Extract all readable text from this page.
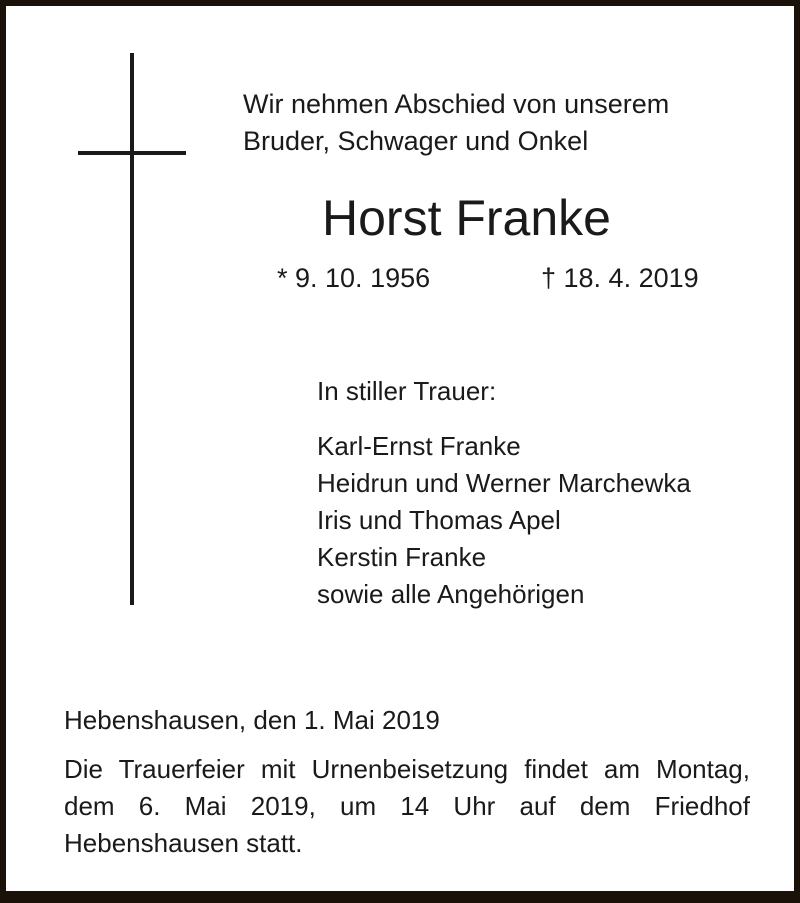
Wir nehmen Abschied von unserem
Bruder, Schwager und Onkel
Horst Franke
* 9. 10. 1956	† 18. 4. 2019
In stiller Trauer:
Karl-Ernst Franke
Heidrun und Werner Marchewka
Iris und Thomas Apel
Kerstin Franke
sowie alle Angehörigen
Hebenshausen, den 1. Mai 2019
Die Trauerfeier mit Urnenbeisetzung findet am Montag, dem 6. Mai 2019, um 14 Uhr auf dem Friedhof Hebenshausen statt.
